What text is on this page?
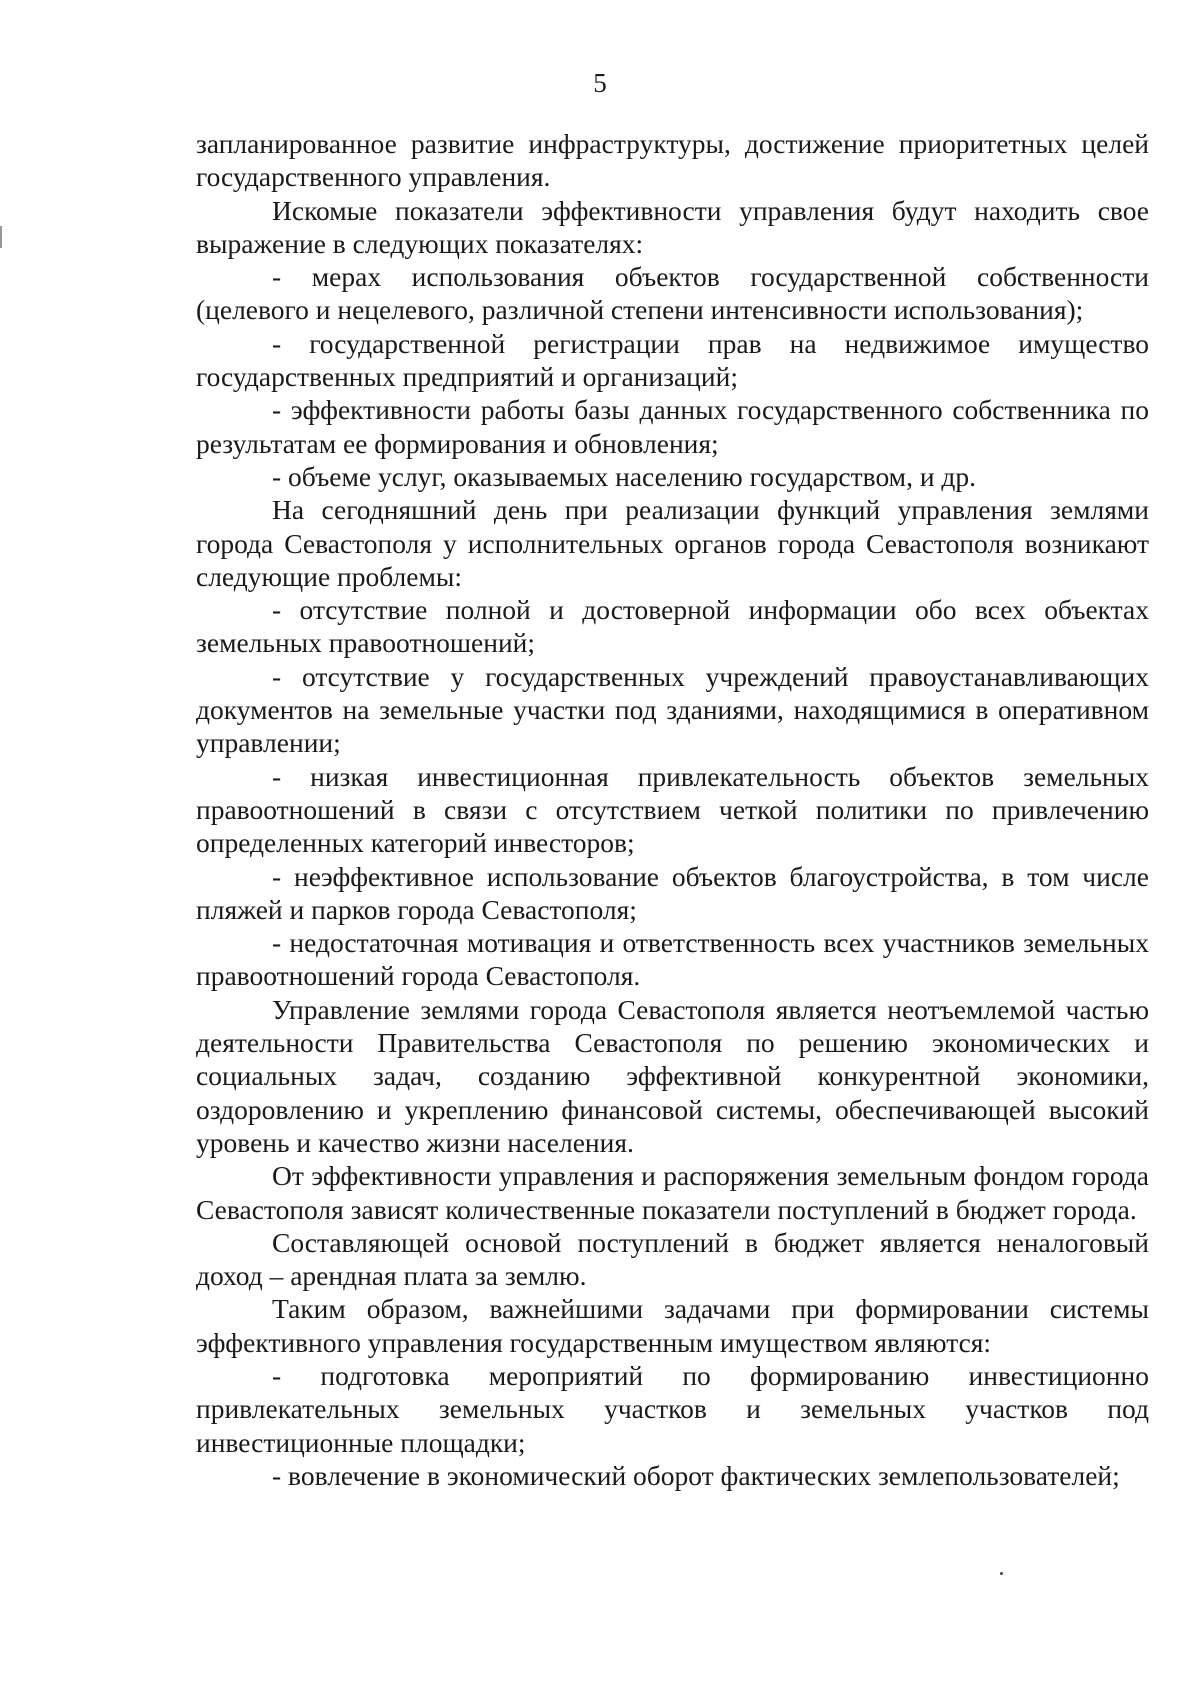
5

запланированное развитие инфраструктуры, достижение приоритетных целей государственного управления.

Искомые показатели эффективности управления будут находить свое выражение в следующих показателях:

- мерах использования объектов государственной собственности (целевого и нецелевого, различной степени интенсивности использования);

- государственной регистрации прав на недвижимое имущество государственных предприятий и организаций;

- эффективности работы базы данных государственного собственника по результатам ее формирования и обновления;

- объеме услуг, оказываемых населению государством, и др.

На сегодняшний день при реализации функций управления землями города Севастополя у исполнительных органов города Севастополя возникают следующие проблемы:

- отсутствие полной и достоверной информации обо всех объектах земельных правоотношений;

- отсутствие у государственных учреждений правоустанавливающих документов на земельные участки под зданиями, находящимися в оперативном управлении;

- низкая инвестиционная привлекательность объектов земельных правоотношений в связи с отсутствием четкой политики по привлечению определенных категорий инвесторов;

- неэффективное использование объектов благоустройства, в том числе пляжей и парков города Севастополя;

- недостаточная мотивация и ответственность всех участников земельных правоотношений города Севастополя.

Управление землями города Севастополя является неотъемлемой частью деятельности Правительства Севастополя по решению экономических и социальных задач, созданию эффективной конкурентной экономики, оздоровлению и укреплению финансовой системы, обеспечивающей высокий уровень и качество жизни населения.

От эффективности управления и распоряжения земельным фондом города Севастополя зависят количественные показатели поступлений в бюджет города.

Составляющей основой поступлений в бюджет является неналоговый доход – арендная плата за землю.

Таким образом, важнейшими задачами при формировании системы эффективного управления государственным имуществом являются:

- подготовка мероприятий по формированию инвестиционно привлекательных земельных участков и земельных участков под инвестиционные площадки;

- вовлечение в экономический оборот фактических землепользователей;
